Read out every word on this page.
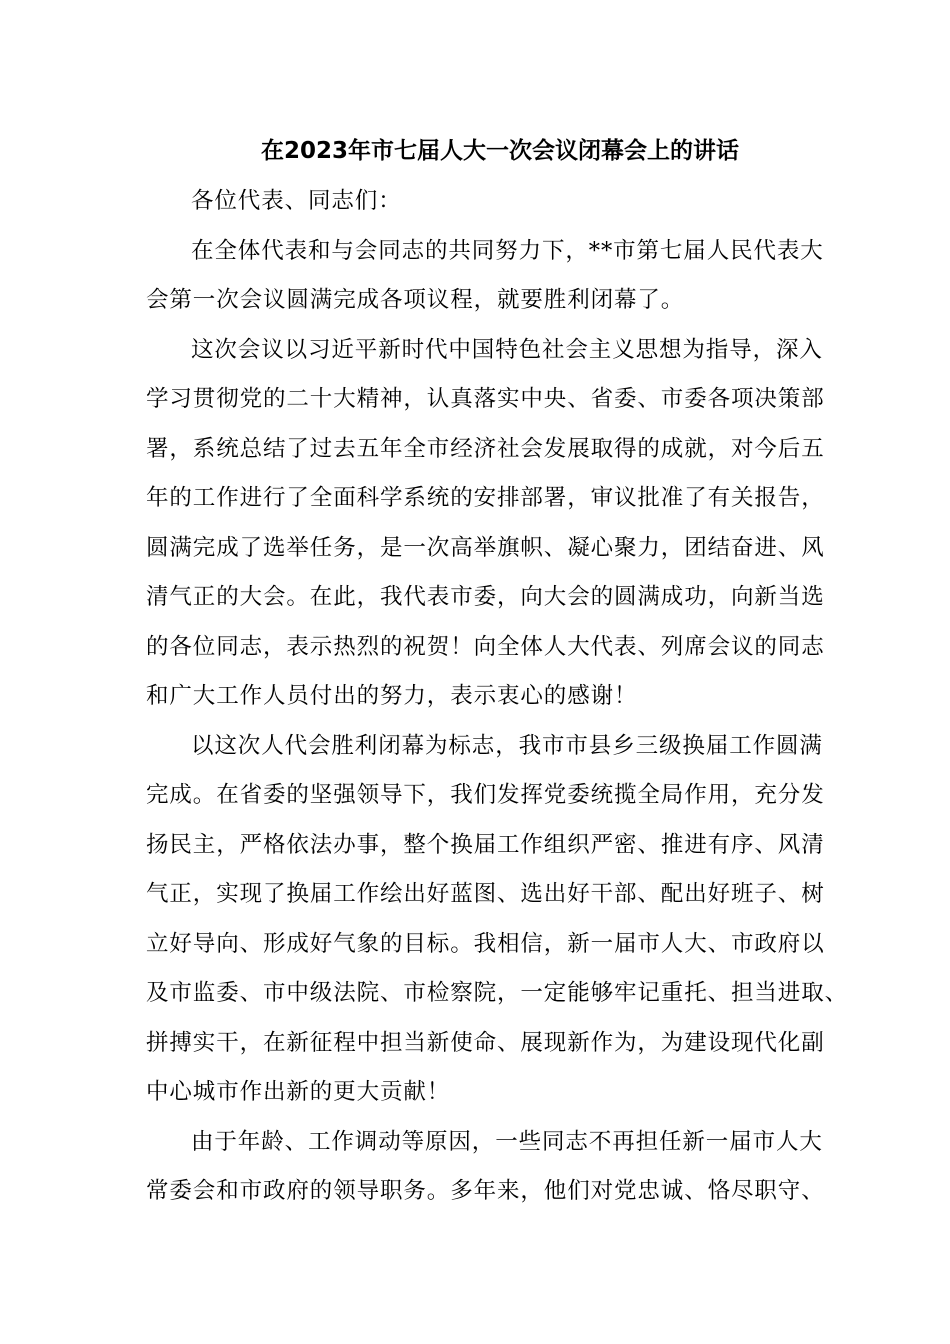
在2023年市七届人大一次会议闭幕会上的讲话
各位代表、同志们：
在全体代表和与会同志的共同努力下，**市第七届人民代表大
会第一次会议圆满完成各项议程，就要胜利闭幕了。
这次会议以习近平新时代中国特色社会主义思想为指导，深入
学习贯彻党的二十大精神，认真落实中央、省委、市委各项决策部
署，系统总结了过去五年全市经济社会发展取得的成就，对今后五
年的工作进行了全面科学系统的安排部署，审议批准了有关报告，
圆满完成了选举任务，是一次高举旗帜、凝心聚力，团结奋进、风
清气正的大会。在此，我代表市委，向大会的圆满成功，向新当选
的各位同志，表示热烈的祝贺！向全体人大代表、列席会议的同志
和广大工作人员付出的努力，表示衷心的感谢！
以这次人代会胜利闭幕为标志，我市市县乡三级换届工作圆满
完成。在省委的坚强领导下，我们发挥党委统揽全局作用，充分发
扬民主，严格依法办事，整个换届工作组织严密、推进有序、风清
气正，实现了换届工作绘出好蓝图、选出好干部、配出好班子、树
立好导向、形成好气象的目标。我相信，新一届市人大、市政府以
及市监委、市中级法院、市检察院，一定能够牢记重托、担当进取、
拼搏实干，在新征程中担当新使命、展现新作为，为建设现代化副
中心城市作出新的更大贡献！
由于年龄、工作调动等原因，一些同志不再担任新一届市人大
常委会和市政府的领导职务。多年来，他们对党忠诚、恪尽职守、
